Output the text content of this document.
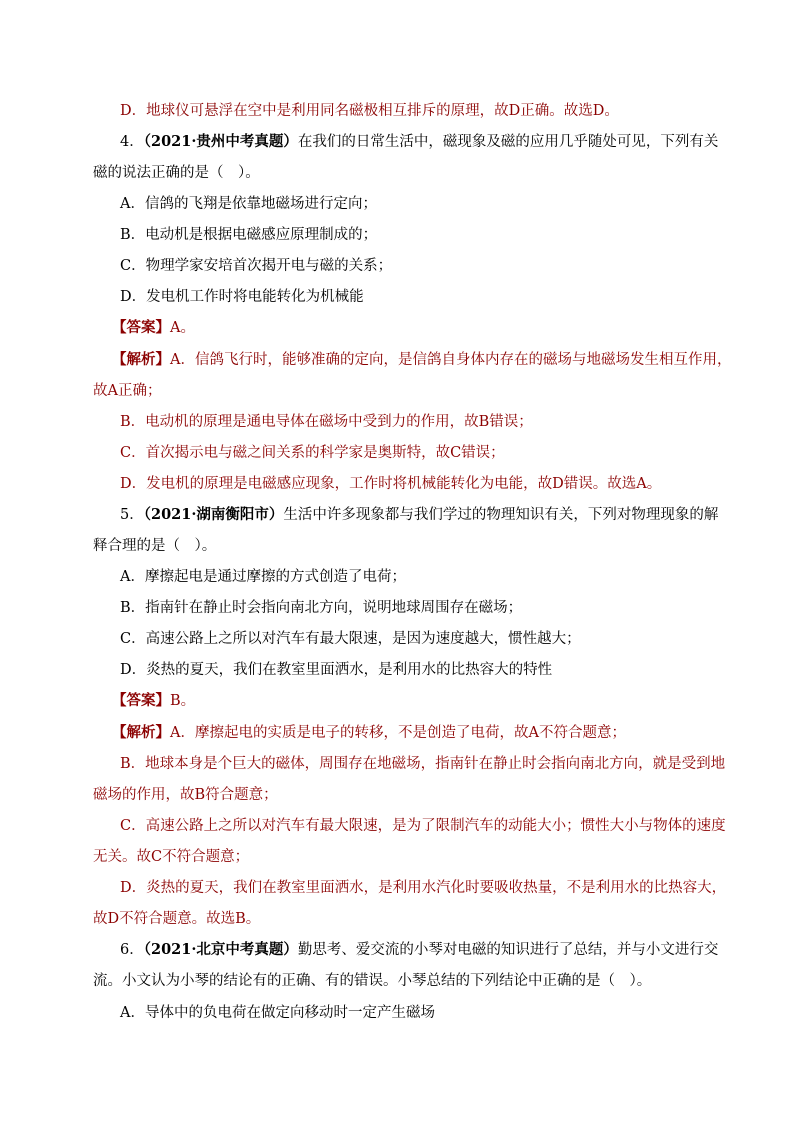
D．地球仪可悬浮在空中是利用同名磁极相互排斥的原理，故D正确。故选D。
4．（2021·贵州中考真题）在我们的日常生活中，磁现象及磁的应用几乎随处可见，下列有关
磁的说法正确的是（　）。
A．信鸽的飞翔是依靠地磁场进行定向；
B．电动机是根据电磁感应原理制成的；
C．物理学家安培首次揭开电与磁的关系；
D．发电机工作时将电能转化为机械能
【答案】A。
【解析】A．信鸽飞行时，能够准确的定向，是信鸽自身体内存在的磁场与地磁场发生相互作用，
故A正确；
B．电动机的原理是通电导体在磁场中受到力的作用，故B错误；
C．首次揭示电与磁之间关系的科学家是奥斯特，故C错误；
D．发电机的原理是电磁感应现象，工作时将机械能转化为电能，故D错误。故选A。
5．（2021·湖南衡阳市）生活中许多现象都与我们学过的物理知识有关，下列对物理现象的解
释合理的是（　）。
A．摩擦起电是通过摩擦的方式创造了电荷；
B．指南针在静止时会指向南北方向，说明地球周围存在磁场；
C．高速公路上之所以对汽车有最大限速，是因为速度越大，惯性越大；
D．炎热的夏天，我们在教室里面洒水，是利用水的比热容大的特性
【答案】B。
【解析】A．摩擦起电的实质是电子的转移，不是创造了电荷，故A不符合题意；
B．地球本身是个巨大的磁体，周围存在地磁场，指南针在静止时会指向南北方向，就是受到地
磁场的作用，故B符合题意；
C．高速公路上之所以对汽车有最大限速，是为了限制汽车的动能大小；惯性大小与物体的速度
无关。故C不符合题意；
D．炎热的夏天，我们在教室里面洒水，是利用水汽化时要吸收热量，不是利用水的比热容大，
故D不符合题意。故选B。
6．（2021·北京中考真题）勤思考、爱交流的小琴对电磁的知识进行了总结，并与小文进行交
流。小文认为小琴的结论有的正确、有的错误。小琴总结的下列结论中正确的是（　）。
A．导体中的负电荷在做定向移动时一定产生磁场
